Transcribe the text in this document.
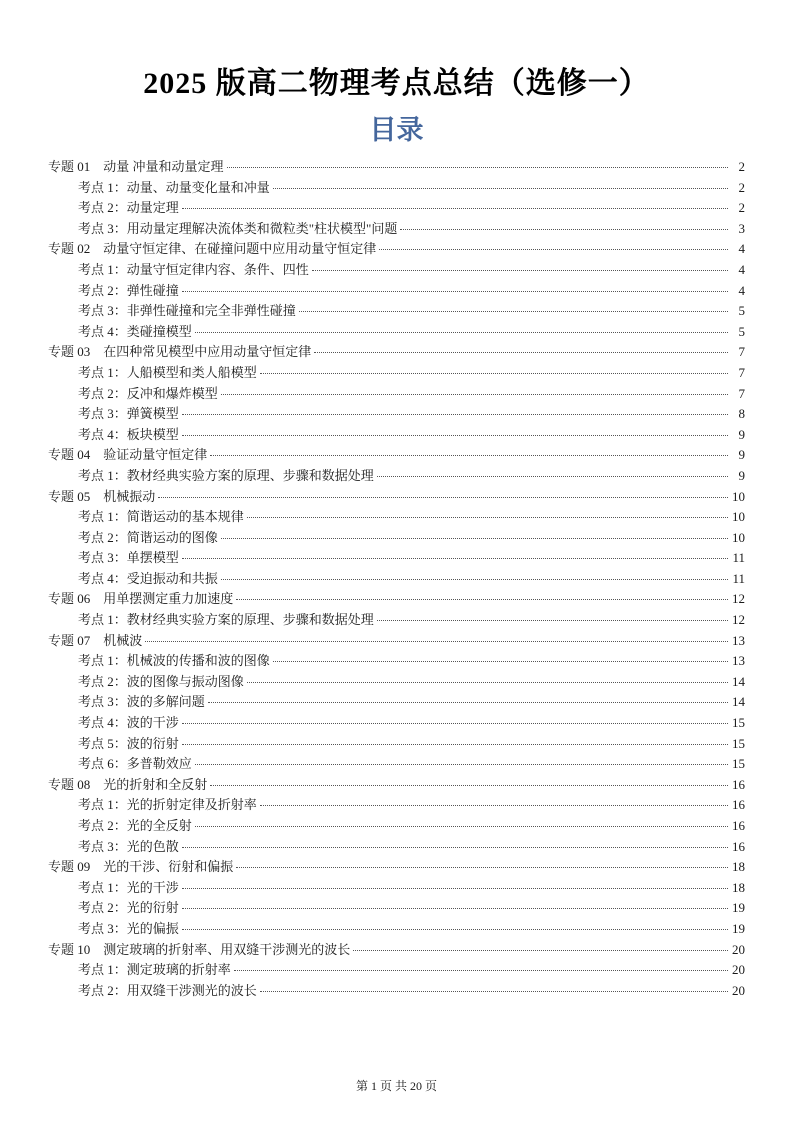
2025 版高二物理考点总结（选修一）
目录
专题 01　动量 冲量和动量定理	2
考点 1：动量、动量变化量和冲量	2
考点 2：动量定理	2
考点 3：用动量定理解决流体类和微粒类"柱状模型"问题	3
专题 02　动量守恒定律、在碰撞问题中应用动量守恒定律	4
考点 1：动量守恒定律内容、条件、四性	4
考点 2：弹性碰撞	4
考点 3：非弹性碰撞和完全非弹性碰撞	5
考点 4：类碰撞模型	5
专题 03　在四种常见模型中应用动量守恒定律	7
考点 1：人船模型和类人船模型	7
考点 2：反冲和爆炸模型	7
考点 3：弹簧模型	8
考点 4：板块模型	9
专题 04　验证动量守恒定律	9
考点 1：教材经典实验方案的原理、步骤和数据处理	9
专题 05　机械振动	10
考点 1：简谐运动的基本规律	10
考点 2：简谐运动的图像	10
考点 3：单摆模型	11
考点 4：受迫振动和共振	11
专题 06　用单摆测定重力加速度	12
考点 1：教材经典实验方案的原理、步骤和数据处理	12
专题 07　机械波	13
考点 1：机械波的传播和波的图像	13
考点 2：波的图像与振动图像	14
考点 3：波的多解问题	14
考点 4：波的干涉	15
考点 5：波的衍射	15
考点 6：多普勒效应	15
专题 08　光的折射和全反射	16
考点 1：光的折射定律及折射率	16
考点 2：光的全反射	16
考点 3：光的色散	16
专题 09　光的干涉、衍射和偏振	18
考点 1：光的干涉	18
考点 2：光的衍射	19
考点 3：光的偏振	19
专题 10　测定玻璃的折射率、用双缝干涉测光的波长	20
考点 1：测定玻璃的折射率	20
考点 2：用双缝干涉测光的波长	20
第 1 页 共 20 页
